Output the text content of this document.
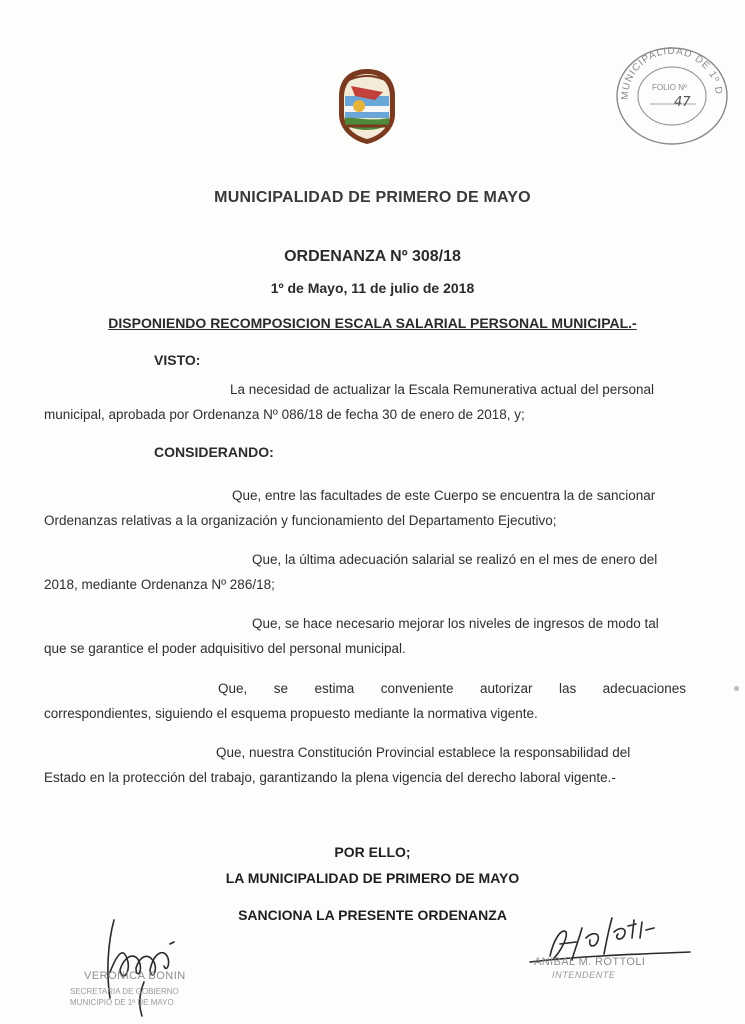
MUNICIPALIDAD DE 1º D
FOLIO Nº
47
MUNICIPALIDAD DE PRIMERO DE MAYO
ORDENANZA Nº 308/18
1º de Mayo, 11 de julio de 2018
DISPONIENDO RECOMPOSICION ESCALA SALARIAL PERSONAL MUNICIPAL.-
VISTO:
La necesidad de actualizar la Escala Remunerativa actual del personal
municipal, aprobada por Ordenanza Nº 086/18 de fecha 30 de enero de 2018, y;
CONSIDERANDO:
Que, entre las facultades de este Cuerpo se encuentra la de sancionar
Ordenanzas relativas a la organización y funcionamiento del Departamento Ejecutivo;
Que, la última adecuación salarial se realizó en el mes de enero del
2018, mediante Ordenanza Nº 286/18;
Que, se hace necesario mejorar los niveles de ingresos de modo tal
que se garantice el poder adquisitivo del personal municipal.
Que, se estima conveniente autorizar las adecuaciones
correspondientes, siguiendo el esquema propuesto mediante la normativa vigente.
Que, nuestra Constitución Provincial establece la responsabilidad del
Estado en la protección del trabajo, garantizando la plena vigencia del derecho laboral vigente.-
POR ELLO;
LA MUNICIPALIDAD DE PRIMERO DE MAYO
SANCIONA LA PRESENTE ORDENANZA
VERONICA BONIN
SECRETARIA DE GOBIERNO MUNICIPIO DE 1º DE MAYO
ANIBAL M. ROTTOLI
INTENDENTE
